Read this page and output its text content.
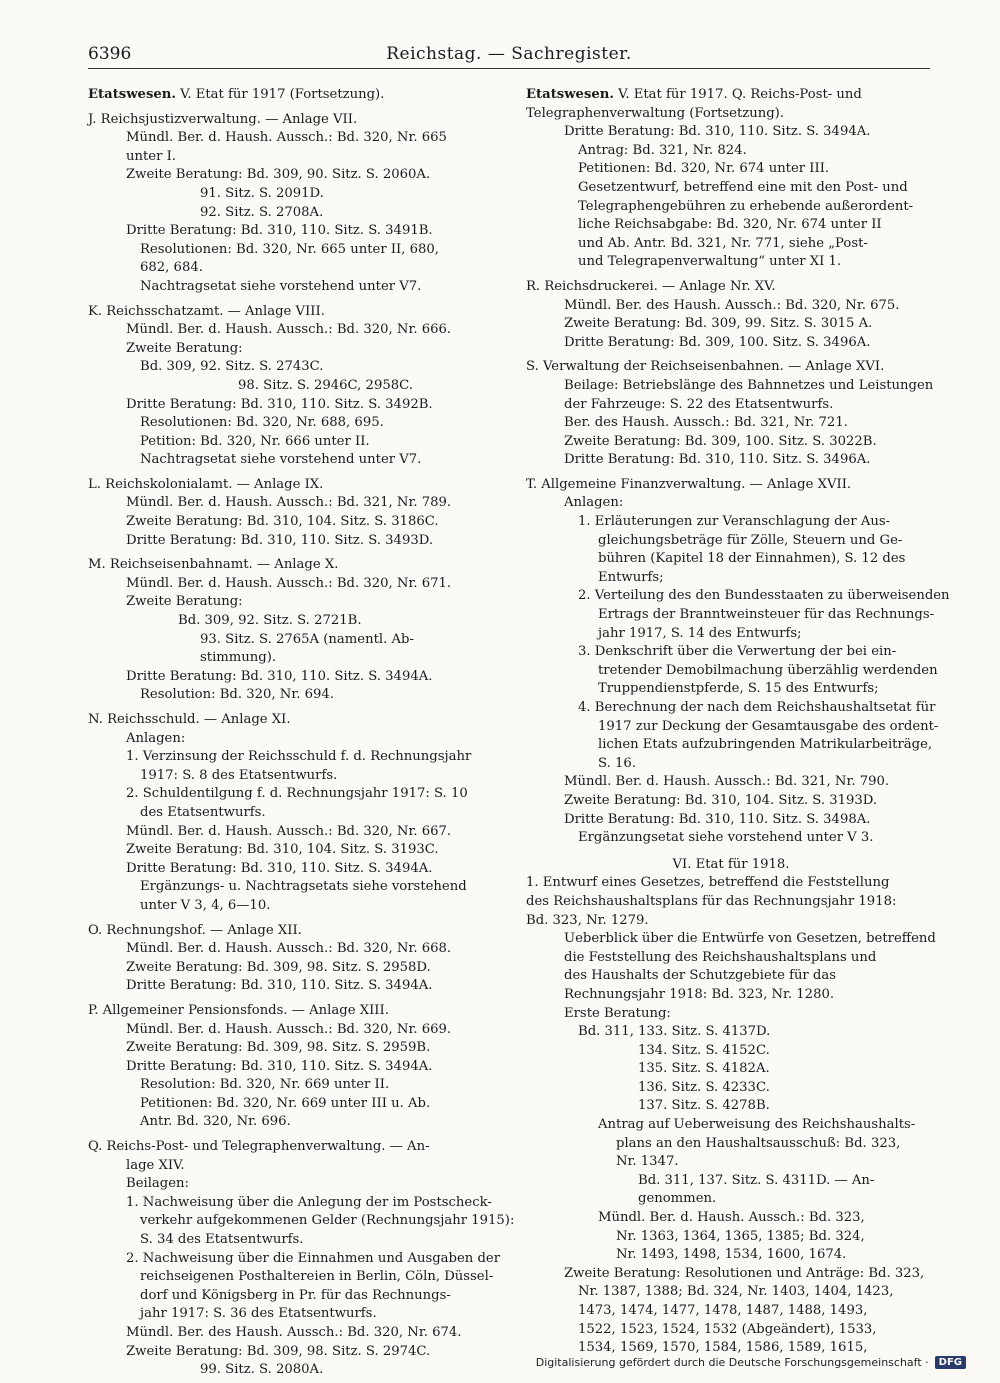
6396	Reichstag. — Sachregister.
Etatswesen. V. Etat für 1917 (Fortsetzung).
J. Reichsjustizverwaltung. — Anlage VII.
Mündl. Ber. d. Haush. Aussch.: Bd. 320, Nr. 665
unter I.
Zweite Beratung: Bd. 309, 90. Sitz. S. 2060A.
91. Sitz. S. 2091D.
92. Sitz. S. 2708A.
Dritte Beratung: Bd. 310, 110. Sitz. S. 3491B.
Resolutionen: Bd. 320, Nr. 665 unter II, 680,
682, 684.
Nachtragsetat siehe vorstehend unter V7.
K. Reichsschatzamt. — Anlage VIII.
Mündl. Ber. d. Haush. Aussch.: Bd. 320, Nr. 666.
Zweite Beratung:
Bd. 309, 92. Sitz. S. 2743C.
98. Sitz. S. 2946C, 2958C.
Dritte Beratung: Bd. 310, 110. Sitz. S. 3492B.
Resolutionen: Bd. 320, Nr. 688, 695.
Petition: Bd. 320, Nr. 666 unter II.
Nachtragsetat siehe vorstehend unter V7.
L. Reichskolonialamt. — Anlage IX.
Mündl. Ber. d. Haush. Aussch.: Bd. 321, Nr. 789.
Zweite Beratung: Bd. 310, 104. Sitz. S. 3186C.
Dritte Beratung: Bd. 310, 110. Sitz. S. 3493D.
M. Reichseisenbahnamt. — Anlage X.
Mündl. Ber. d. Haush. Aussch.: Bd. 320, Nr. 671.
Zweite Beratung:
Bd. 309, 92. Sitz. S. 2721B.
93. Sitz. S. 2765A (namentl. Ab-
stimmung).
Dritte Beratung: Bd. 310, 110. Sitz. S. 3494A.
Resolution: Bd. 320, Nr. 694.
N. Reichsschuld. — Anlage XI.
Anlagen:
1. Verzinsung der Reichsschuld f. d. Rechnungsjahr
1917: S. 8 des Etatsentwurfs.
2. Schuldentilgung f. d. Rechnungsjahr 1917: S. 10
des Etatsentwurfs.
Mündl. Ber. d. Haush. Aussch.: Bd. 320, Nr. 667.
Zweite Beratung: Bd. 310, 104. Sitz. S. 3193C.
Dritte Beratung: Bd. 310, 110. Sitz. S. 3494A.
Ergänzungs- u. Nachtragsetats siehe vorstehend
unter V 3, 4, 6—10.
O. Rechnungshof. — Anlage XII.
Mündl. Ber. d. Haush. Aussch.: Bd. 320, Nr. 668.
Zweite Beratung: Bd. 309, 98. Sitz. S. 2958D.
Dritte Beratung: Bd. 310, 110. Sitz. S. 3494A.
P. Allgemeiner Pensionsfonds. — Anlage XIII.
Mündl. Ber. d. Haush. Aussch.: Bd. 320, Nr. 669.
Zweite Beratung: Bd. 309, 98. Sitz. S. 2959B.
Dritte Beratung: Bd. 310, 110. Sitz. S. 3494A.
Resolution: Bd. 320, Nr. 669 unter II.
Petitionen: Bd. 320, Nr. 669 unter III u. Ab.
Antr. Bd. 320, Nr. 696.
Q. Reichs-Post- und Telegraphenverwaltung. — An-
lage XIV.
Beilagen:
1. Nachweisung über die Anlegung der im Postscheck-
verkehr aufgekommenen Gelder (Rechnungsjahr 1915):
S. 34 des Etatsentwurfs.
2. Nachweisung über die Einnahmen und Ausgaben der
reichseigenen Posthaltereien in Berlin, Cöln, Düssel-
dorf und Königsberg in Pr. für das Rechnungs-
jahr 1917: S. 36 des Etatsentwurfs.
Mündl. Ber. des Haush. Aussch.: Bd. 320, Nr. 674.
Zweite Beratung: Bd. 309, 98. Sitz. S. 2974C.
99. Sitz. S. 2080A.
Etatswesen. V. Etat für 1917. Q. Reichs-Post- und
Telegraphenverwaltung (Fortsetzung).
Dritte Beratung: Bd. 310, 110. Sitz. S. 3494A.
Antrag: Bd. 321, Nr. 824.
Petitionen: Bd. 320, Nr. 674 unter III.
Gesetzentwurf, betreffend eine mit den Post- und
Telegraphengebühren zu erhebende außerordent-
liche Reichsabgabe: Bd. 320, Nr. 674 unter II
und Ab. Antr. Bd. 321, Nr. 771, siehe „Post-
und Telegrapenverwaltung“ unter XI 1.
R. Reichsdruckerei. — Anlage Nr. XV.
Mündl. Ber. des Haush. Aussch.: Bd. 320, Nr. 675.
Zweite Beratung: Bd. 309, 99. Sitz. S. 3015 A.
Dritte Beratung: Bd. 309, 100. Sitz. S. 3496A.
S. Verwaltung der Reichseisenbahnen. — Anlage XVI.
Beilage: Betriebslänge des Bahnnetzes und Leistungen
der Fahrzeuge: S. 22 des Etatsentwurfs.
Ber. des Haush. Aussch.: Bd. 321, Nr. 721.
Zweite Beratung: Bd. 309, 100. Sitz. S. 3022B.
Dritte Beratung: Bd. 310, 110. Sitz. S. 3496A.
T. Allgemeine Finanzverwaltung. — Anlage XVII.
Anlagen:
1. Erläuterungen zur Veranschlagung der Aus-
gleichungsbeträge für Zölle, Steuern und Ge-
bühren (Kapitel 18 der Einnahmen), S. 12 des
Entwurfs;
2. Verteilung des den Bundesstaaten zu überweisenden
Ertrags der Branntweinsteuer für das Rechnungs-
jahr 1917, S. 14 des Entwurfs;
3. Denkschrift über die Verwertung der bei ein-
tretender Demobilmachung überzählig werdenden
Truppendienstpferde, S. 15 des Entwurfs;
4. Berechnung der nach dem Reichshaushaltsetat für
1917 zur Deckung der Gesamtausgabe des ordent-
lichen Etats aufzubringenden Matrikularbeiträge,
S. 16.
Mündl. Ber. d. Haush. Aussch.: Bd. 321, Nr. 790.
Zweite Beratung: Bd. 310, 104. Sitz. S. 3193D.
Dritte Beratung: Bd. 310, 110. Sitz. S. 3498A.
Ergänzungsetat siehe vorstehend unter V 3.
VI. Etat für 1918.
1. Entwurf eines Gesetzes, betreffend die Feststellung
des Reichshaushaltsplans für das Rechnungsjahr 1918:
Bd. 323, Nr. 1279.
Ueberblick über die Entwürfe von Gesetzen, betreffend
die Feststellung des Reichshaushaltsplans und
des Haushalts der Schutzgebiete für das
Rechnungsjahr 1918: Bd. 323, Nr. 1280.
Erste Beratung:
Bd. 311, 133. Sitz. S. 4137D.
134. Sitz. S. 4152C.
135. Sitz. S. 4182A.
136. Sitz. S. 4233C.
137. Sitz. S. 4278B.
Antrag auf Ueberweisung des Reichshaushalts-
plans an den Haushaltsausschuß: Bd. 323,
Nr. 1347.
Bd. 311, 137. Sitz. S. 4311D. — An-
genommen.
Mündl. Ber. d. Haush. Aussch.: Bd. 323,
Nr. 1363, 1364, 1365, 1385; Bd. 324,
Nr. 1493, 1498, 1534, 1600, 1674.
Zweite Beratung: Resolutionen und Anträge: Bd. 323,
Nr. 1387, 1388; Bd. 324, Nr. 1403, 1404, 1423,
1473, 1474, 1477, 1478, 1487, 1488, 1493,
1522, 1523, 1524, 1532 (Abgeändert), 1533,
1534, 1569, 1570, 1584, 1586, 1589, 1615,
Digitalisierung gefördert durch die Deutsche Forschungsgemeinschaft ·	DFG
